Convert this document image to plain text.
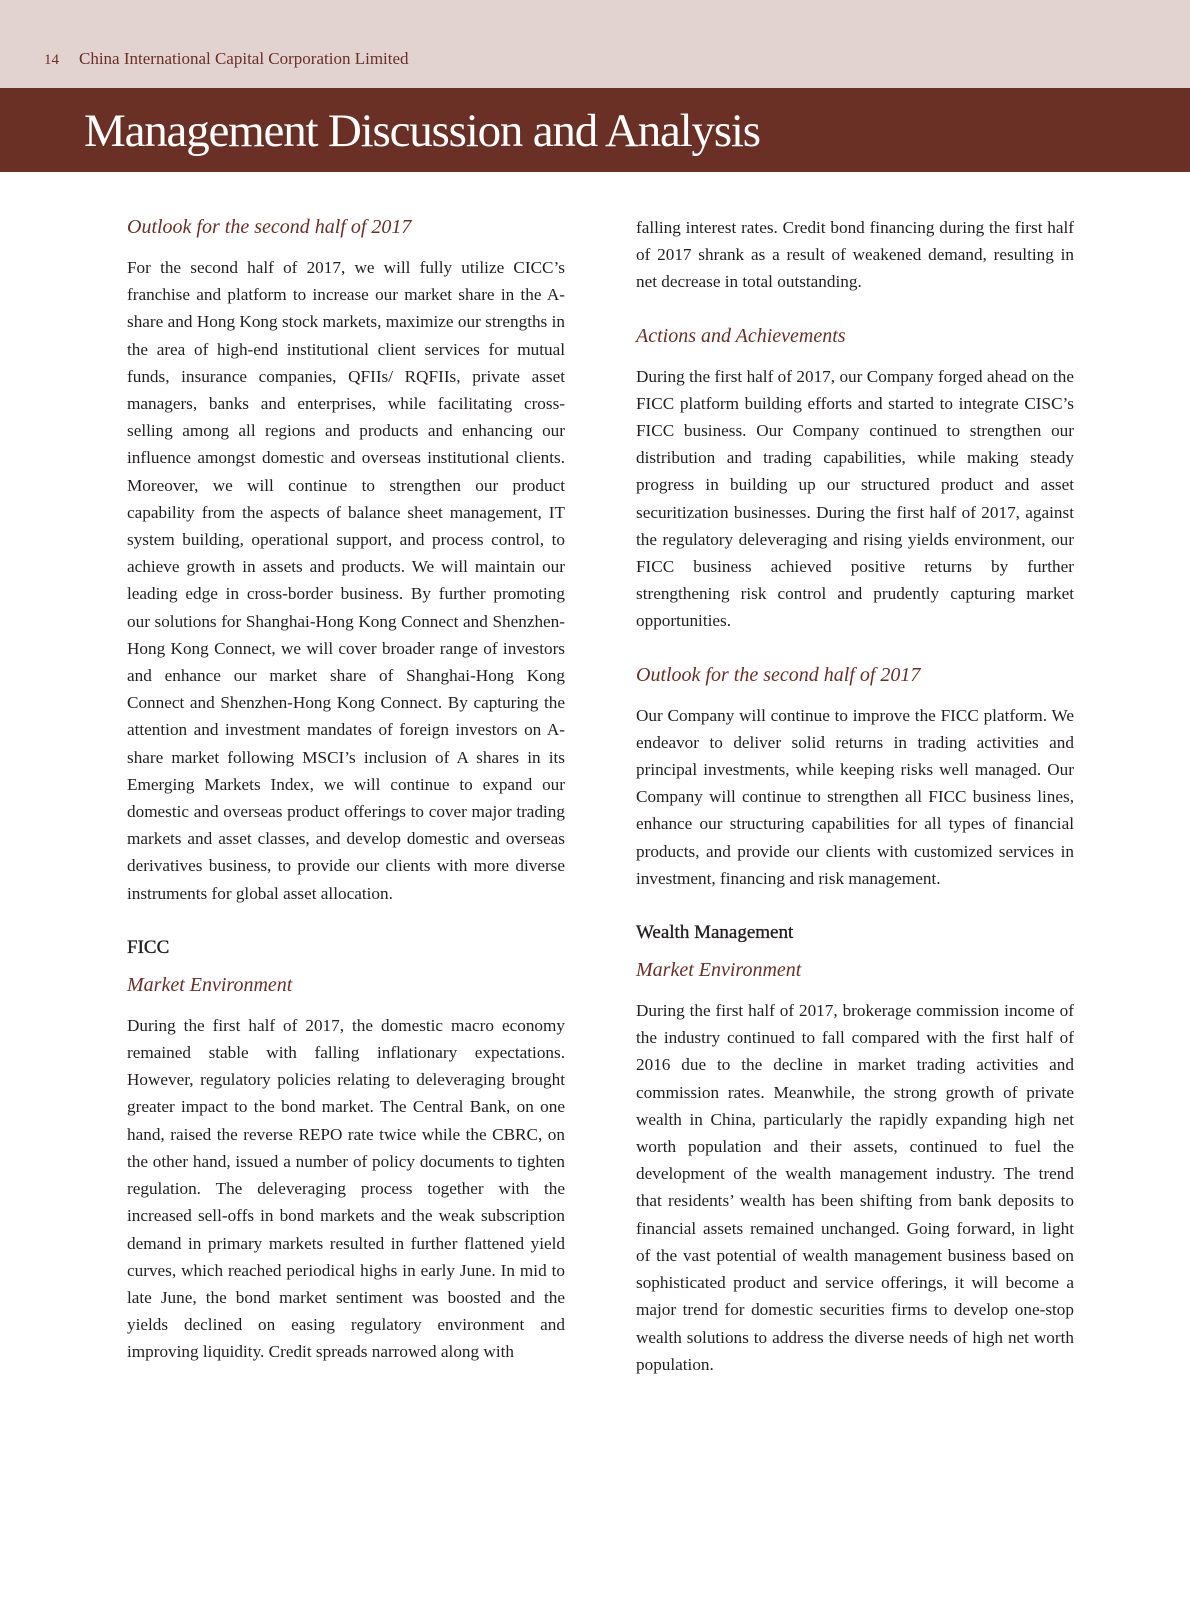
14 China International Capital Corporation Limited
Management Discussion and Analysis
Outlook for the second half of 2017

For the second half of 2017, we will fully utilize CICC’s franchise and platform to increase our market share in the A-share and Hong Kong stock markets, maximize our strengths in the area of high-end institutional client services for mutual funds, insurance companies, QFIIs/ RQFIIs, private asset managers, banks and enterprises, while facilitating cross-selling among all regions and products and enhancing our influence amongst domestic and overseas institutional clients. Moreover, we will continue to strengthen our product capability from the aspects of balance sheet management, IT system building, operational support, and process control, to achieve growth in assets and products. We will maintain our leading edge in cross-border business. By further promoting our solutions for Shanghai-Hong Kong Connect and Shenzhen-Hong Kong Connect, we will cover broader range of investors and enhance our market share of Shanghai-Hong Kong Connect and Shenzhen-Hong Kong Connect. By capturing the attention and investment mandates of foreign investors on A-share market following MSCI’s inclusion of A shares in its Emerging Markets Index, we will continue to expand our domestic and overseas product offerings to cover major trading markets and asset classes, and develop domestic and overseas derivatives business, to provide our clients with more diverse instruments for global asset allocation.

FICC
Market Environment

During the first half of 2017, the domestic macro economy remained stable with falling inflationary expectations. However, regulatory policies relating to deleveraging brought greater impact to the bond market. The Central Bank, on one hand, raised the reverse REPO rate twice while the CBRC, on the other hand, issued a number of policy documents to tighten regulation. The deleveraging process together with the increased sell-offs in bond markets and the weak subscription demand in primary markets resulted in further flattened yield curves, which reached periodical highs in early June. In mid to late June, the bond market sentiment was boosted and the yields declined on easing regulatory environment and improving liquidity. Credit spreads narrowed along with

falling interest rates. Credit bond financing during the first half of 2017 shrank as a result of weakened demand, resulting in net decrease in total outstanding.

Actions and Achievements

During the first half of 2017, our Company forged ahead on the FICC platform building efforts and started to integrate CISC’s FICC business. Our Company continued to strengthen our distribution and trading capabilities, while making steady progress in building up our structured product and asset securitization businesses. During the first half of 2017, against the regulatory deleveraging and rising yields environment, our FICC business achieved positive returns by further strengthening risk control and prudently capturing market opportunities.

Outlook for the second half of 2017

Our Company will continue to improve the FICC platform. We endeavor to deliver solid returns in trading activities and principal investments, while keeping risks well managed. Our Company will continue to strengthen all FICC business lines, enhance our structuring capabilities for all types of financial products, and provide our clients with customized services in investment, financing and risk management.

Wealth Management
Market Environment

During the first half of 2017, brokerage commission income of the industry continued to fall compared with the first half of 2016 due to the decline in market trading activities and commission rates. Meanwhile, the strong growth of private wealth in China, particularly the rapidly expanding high net worth population and their assets, continued to fuel the development of the wealth management industry. The trend that residents’ wealth has been shifting from bank deposits to financial assets remained unchanged. Going forward, in light of the vast potential of wealth management business based on sophisticated product and service offerings, it will become a major trend for domestic securities firms to develop one-stop wealth solutions to address the diverse needs of high net worth population.
